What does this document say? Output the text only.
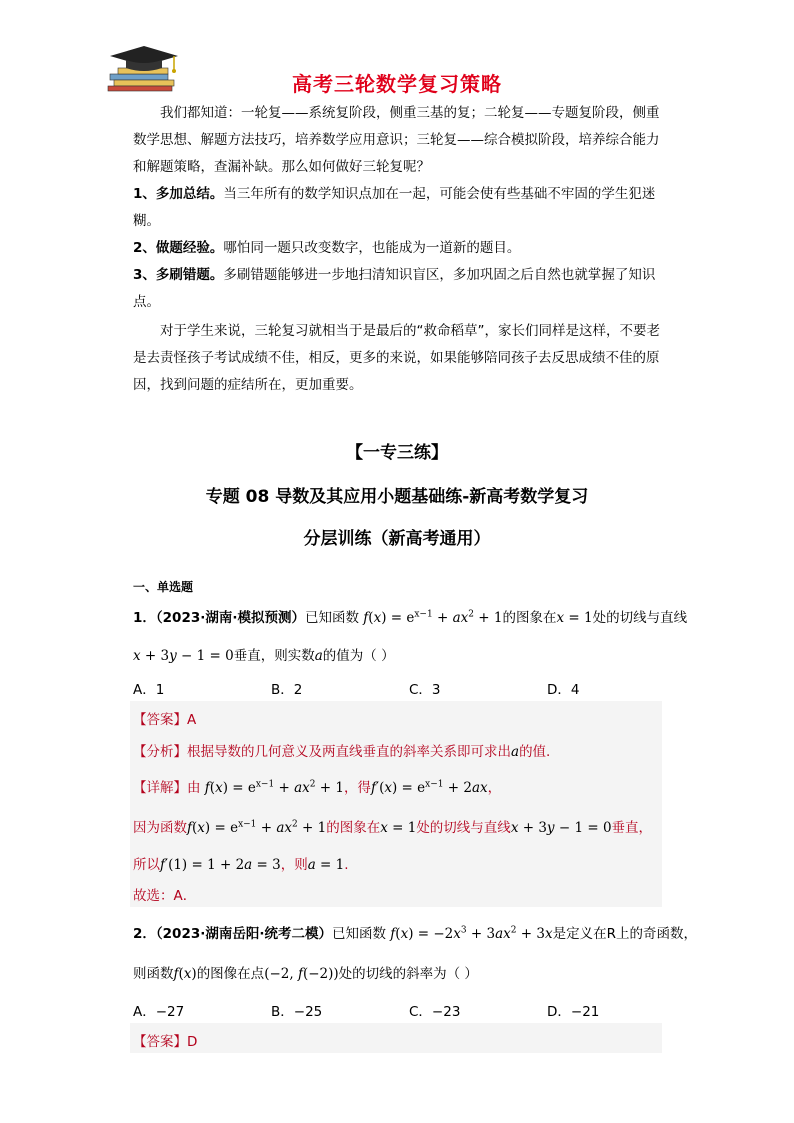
高考三轮数学复习策略
我们都知道：一轮复——系统复阶段，侧重三基的复；二轮复——专题复阶段，侧重数学思想、解题方法技巧，培养数学应用意识；三轮复——综合模拟阶段，培养综合能力和解题策略，查漏补缺。那么如何做好三轮复呢？
1、多加总结。当三年所有的数学知识点加在一起，可能会使有些基础不牢固的学生犯迷糊。
2、做题经验。哪怕同一题只改变数字，也能成为一道新的题目。
3、多刷错题。多刷错题能够进一步地扫清知识盲区，多加巩固之后自然也就掌握了知识点。
对于学生来说，三轮复习就相当于是最后的“救命稻草”，家长们同样是这样，不要老是去责怪孩子考试成绩不佳，相反，更多的来说，如果能够陪同孩子去反思成绩不佳的原因，找到问题的症结所在，更加重要。
【一专三练】
专题 08 导数及其应用小题基础练-新高考数学复习
分层训练（新高考通用）
一、单选题
1．（2023·湖南·模拟预测）已知函数 $f(x) = e^{x-1} + ax^2 + 1$的图象在x = 1处的切线与直线
x + 3y − 1 = 0垂直，则实数a的值为（ ）
A．1	B．2	C．3	D．4
【答案】A
【分析】根据导数的几何意义及两直线垂直的斜率关系即可求出a的值.
【详解】由 $f(x) = e^{x-1} + ax^2 + 1$，得$f'(x) = e^{x-1} + 2ax$，
因为函数$f(x) = e^{x-1} + ax^2 + 1$的图象在x = 1处的切线与直线x + 3y − 1 = 0垂直，
所以f′(1) = 1 + 2a = 3，则a = 1.
故选：A．
2．（2023·湖南岳阳·统考二模）已知函数 $f(x) = -2x^3 + 3ax^2 + 3x$是定义在R上的奇函数，
则函数f(x)的图像在点(−2, f(−2))处的切线的斜率为（ ）
A．−27	B．−25	C．−23	D．−21
【答案】D
